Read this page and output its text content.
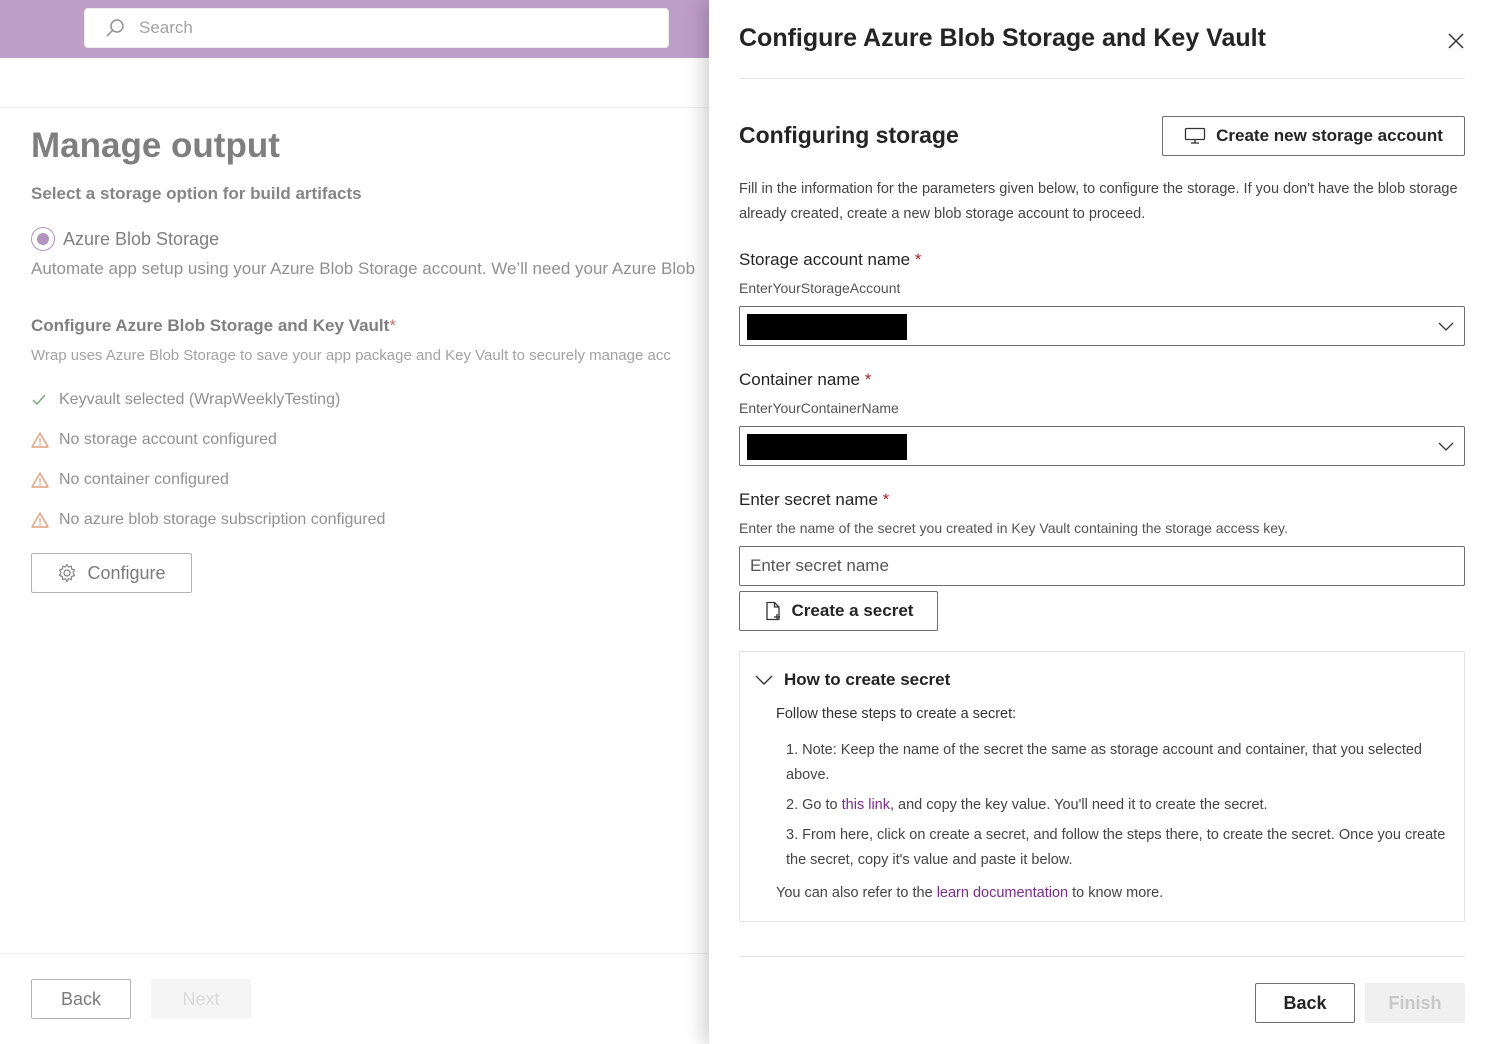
Search
Manage output
Select a storage option for build artifacts
Azure Blob Storage
Automate app setup using your Azure Blob Storage account. We’ll need your Azure Blob
Configure Azure Blob Storage and Key Vault*
Wrap uses Azure Blob Storage to save your app package and Key Vault to securely manage acc
Keyvault selected (WrapWeeklyTesting)
No storage account configured
No container configured
No azure blob storage subscription configured
Configure
Back	Next
Configure Azure Blob Storage and Key Vault
Configuring storage	Create new storage account

Fill in the information for the parameters given below, to configure the storage. If you don't have the blob storage already created, create a new blob storage account to proceed.

Storage account name *
EnterYourStorageAccount
Container name *
EnterYourContainerName
Enter secret name *
Enter the name of the secret you created in Key Vault containing the storage access key.
Enter secret name
Create a secret
How to create secret
Follow these steps to create a secret:
1. Note: Keep the name of the secret the same as storage account and container, that you selected above.
2. Go to this link, and copy the key value. You'll need it to create the secret.
3. From here, click on create a secret, and follow the steps there, to create the secret. Once you create the secret, copy it's value and paste it below.
You can also refer to the learn documentation to know more.
Back	Finish
